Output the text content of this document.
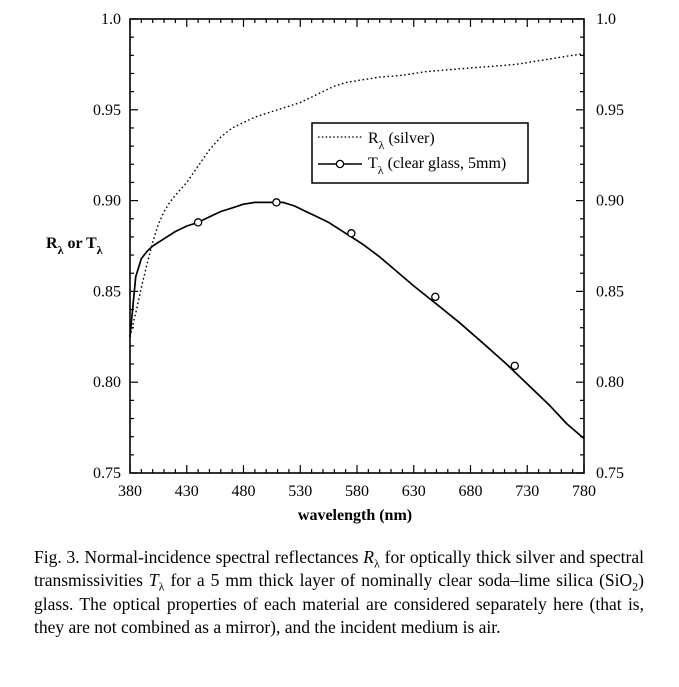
0.75
0.80
0.85
0.90
0.95
1.0
0.75
0.80
0.85
0.90
0.95
1.0
380 430 480 530 580 630 680 730 780
wavelength (nm)
$R_\lambda$ or $T_\lambda$
$R_\lambda$ (silver)
$T_\lambda$ (clear glass, 5mm)
Fig. 3. Normal-incidence spectral reflectances $R_\lambda$ for optically thick silver and spectral transmissivities $T_\lambda$ for a 5 mm thick layer of nominally clear soda–lime silica (SiO$_2$) glass. The optical properties of each material are considered separately here (that is, they are not combined as a mirror), and the incident medium is air.
